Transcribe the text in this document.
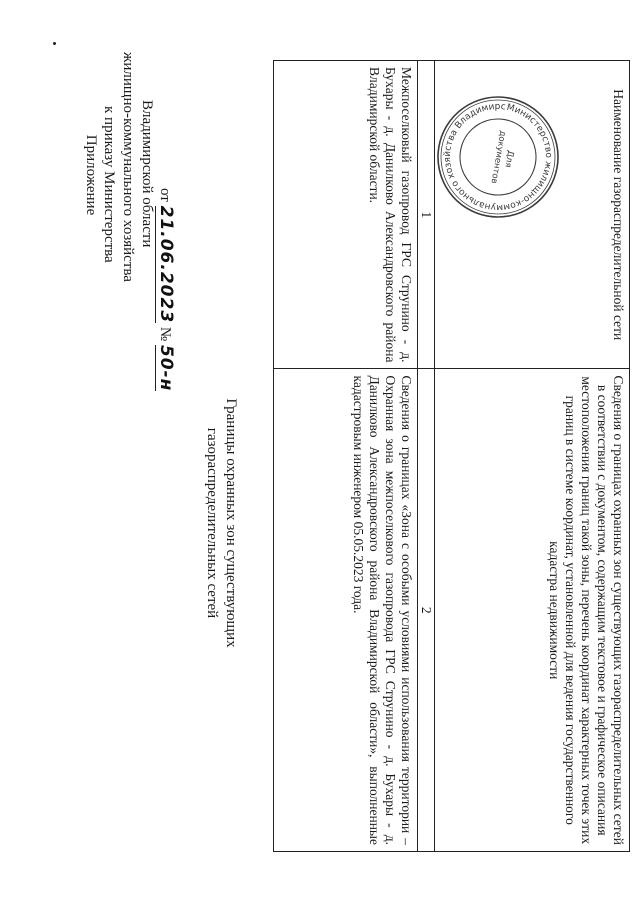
Приложение к приказу Министерства жилищно-коммунального хозяйства Владимирской области от 21.06.2023 № 50-н
Границы охранных зон существующих
газораспределительных сетей
Наименование газораспределительной сети	Сведения о границах охранных зон существующих газораспределительных сетей в соответствии с документом, содержащим текстовое и графическое описания местоположения границ такой зоны, перечень координат характерных точек этих границ в системе координат, установленной для ведения государственного кадастра недвижимости
1	2
Межпоселковый газопровод ГРС Струнино - д. Бухары - д. Данилково Александровского района Владимирской области.	Сведения о границах «Зона с особыми условиями использования территории – Охранная зона межпоселкового газопровода ГРС Струнино - д. Бухары - д. Данилково Александровского района Владимирской области», выполненные кадастровым инженером 05.05.2023 года.
Министерство жилищно-коммунального хозяйства Владимирской области
Для документов
